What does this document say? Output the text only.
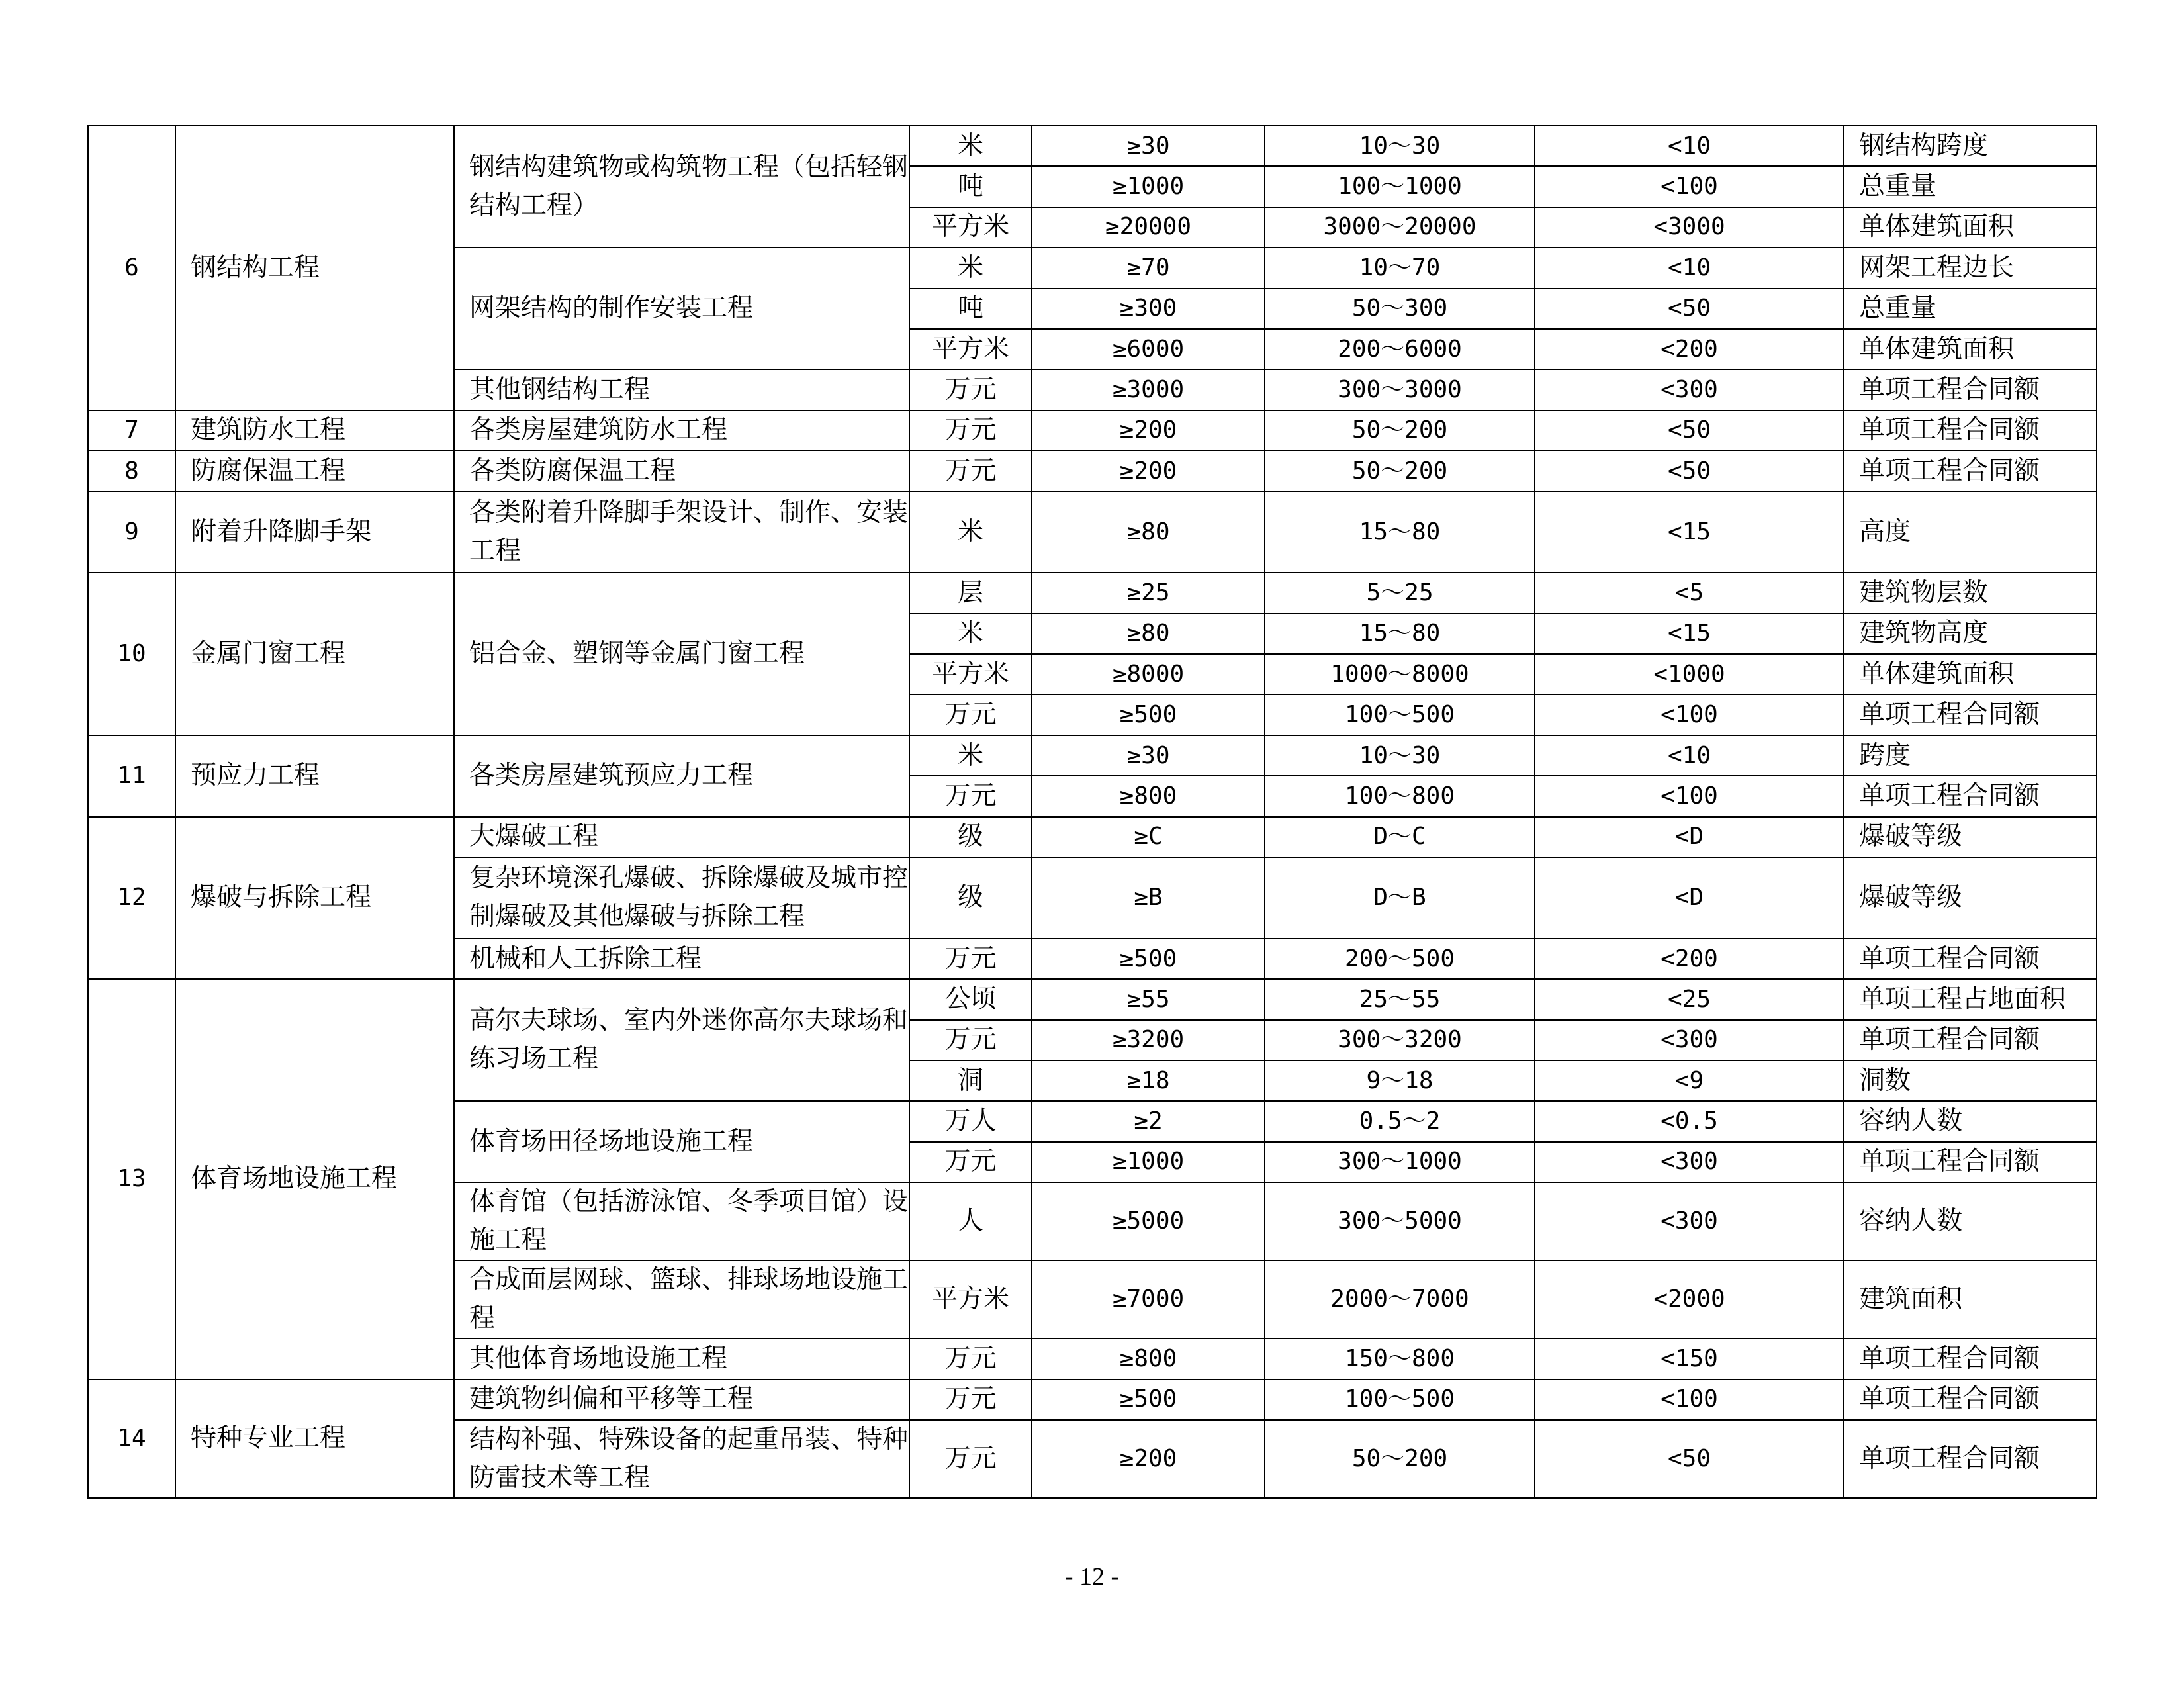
6	钢结构工程	钢结构建筑物或构筑物工程（包括轻钢结构工程）	米	≥30	10～30	<10	钢结构跨度
			吨	≥1000	100～1000	<100	总重量
			平方米	≥20000	3000～20000	<3000	单体建筑面积
		网架结构的制作安装工程	米	≥70	10～70	<10	网架工程边长
			吨	≥300	50～300	<50	总重量
			平方米	≥6000	200～6000	<200	单体建筑面积
		其他钢结构工程	万元	≥3000	300～3000	<300	单项工程合同额
7	建筑防水工程	各类房屋建筑防水工程	万元	≥200	50～200	<50	单项工程合同额
8	防腐保温工程	各类防腐保温工程	万元	≥200	50～200	<50	单项工程合同额
9	附着升降脚手架	各类附着升降脚手架设计、制作、安装工程	米	≥80	15～80	<15	高度
10	金属门窗工程	铝合金、塑钢等金属门窗工程	层	≥25	5～25	<5	建筑物层数
			米	≥80	15～80	<15	建筑物高度
			平方米	≥8000	1000～8000	<1000	单体建筑面积
			万元	≥500	100～500	<100	单项工程合同额
11	预应力工程	各类房屋建筑预应力工程	米	≥30	10～30	<10	跨度
			万元	≥800	100～800	<100	单项工程合同额
12	爆破与拆除工程	大爆破工程	级	≥C	D～C	<D	爆破等级
		复杂环境深孔爆破、拆除爆破及城市控制爆破及其他爆破与拆除工程	级	≥B	D～B	<D	爆破等级
		机械和人工拆除工程	万元	≥500	200～500	<200	单项工程合同额
13	体育场地设施工程	高尔夫球场、室内外迷你高尔夫球场和练习场工程	公顷	≥55	25～55	<25	单项工程占地面积
			万元	≥3200	300～3200	<300	单项工程合同额
			洞	≥18	9～18	<9	洞数
		体育场田径场地设施工程	万人	≥2	0.5～2	<0.5	容纳人数
			万元	≥1000	300～1000	<300	单项工程合同额
		体育馆（包括游泳馆、冬季项目馆）设施工程	人	≥5000	300～5000	<300	容纳人数
		合成面层网球、篮球、排球场地设施工程	平方米	≥7000	2000～7000	<2000	建筑面积
		其他体育场地设施工程	万元	≥800	150～800	<150	单项工程合同额
14	特种专业工程	建筑物纠偏和平移等工程	万元	≥500	100～500	<100	单项工程合同额
		结构补强、特殊设备的起重吊装、特种防雷技术等工程	万元	≥200	50～200	<50	单项工程合同额
- 12 -
